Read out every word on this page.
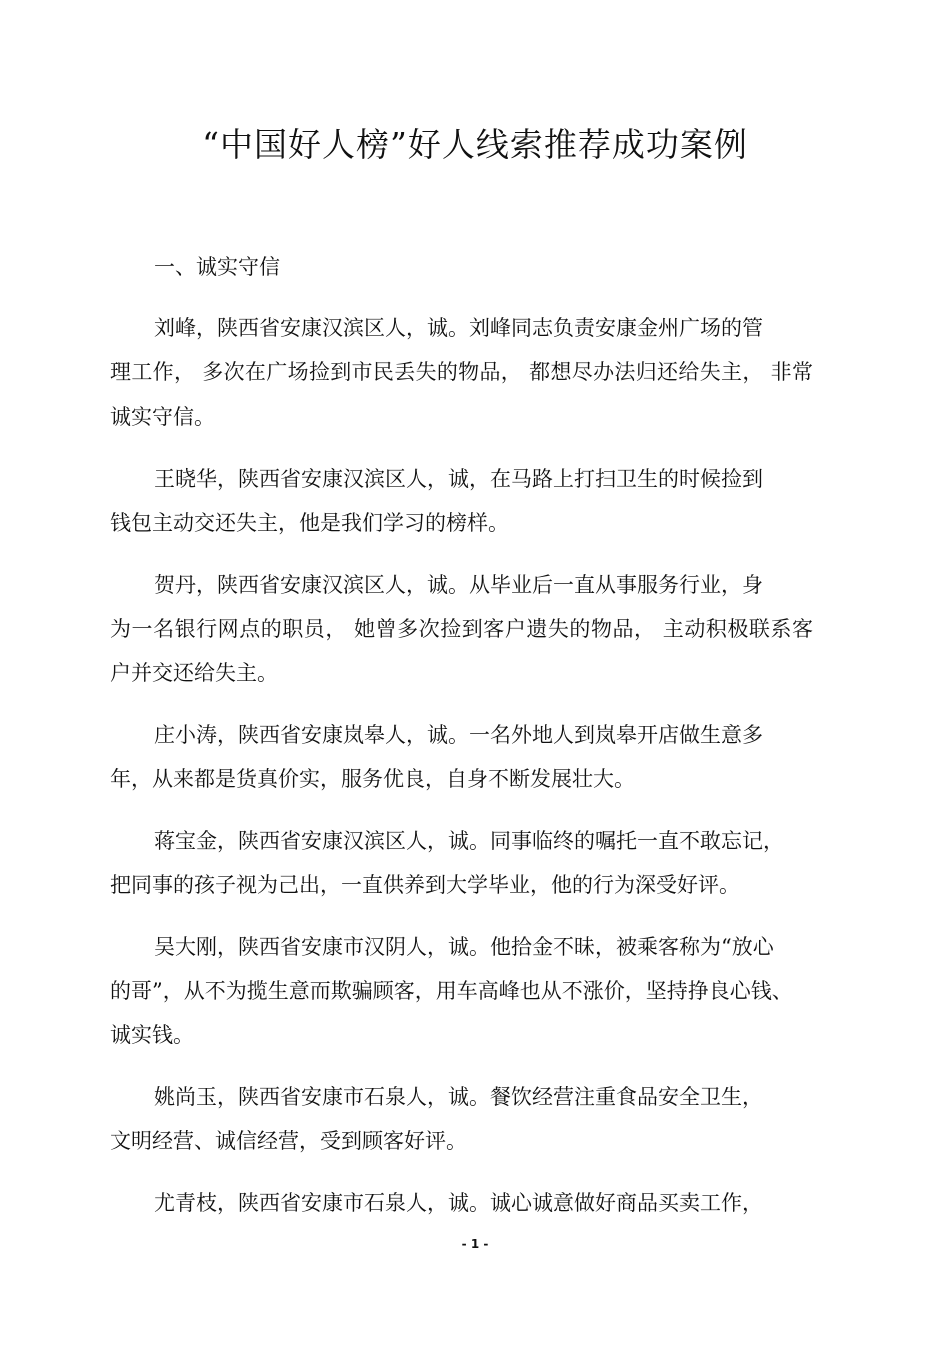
“中国好人榜”好人线索推荐成功案例
一、诚实守信
刘峰，陕西省安康汉滨区人，诚。刘峰同志负责安康金州广场的管
理工作， 多次在广场捡到市民丢失的物品， 都想尽办法归还给失主， 非常
诚实守信。
王晓华，陕西省安康汉滨区人，诚，在马路上打扫卫生的时候捡到
钱包主动交还失主，他是我们学习的榜样。
贺丹，陕西省安康汉滨区人，诚。从毕业后一直从事服务行业，身
为一名银行网点的职员， 她曾多次捡到客户遗失的物品， 主动积极联系客
户并交还给失主。
庄小涛，陕西省安康岚皋人，诚。一名外地人到岚皋开店做生意多
年，从来都是货真价实，服务优良，自身不断发展壮大。
蒋宝金，陕西省安康汉滨区人，诚。同事临终的嘱托一直不敢忘记，
把同事的孩子视为己出，一直供养到大学毕业，他的行为深受好评。
吴大刚，陕西省安康市汉阴人，诚。他拾金不昧，被乘客称为“放心
的哥”，从不为揽生意而欺骗顾客，用车高峰也从不涨价，坚持挣良心钱、
诚实钱。
姚尚玉，陕西省安康市石泉人，诚。餐饮经营注重食品安全卫生，
文明经营、诚信经营，受到顾客好评。
尤青枝，陕西省安康市石泉人，诚。诚心诚意做好商品买卖工作，
- 1 -
